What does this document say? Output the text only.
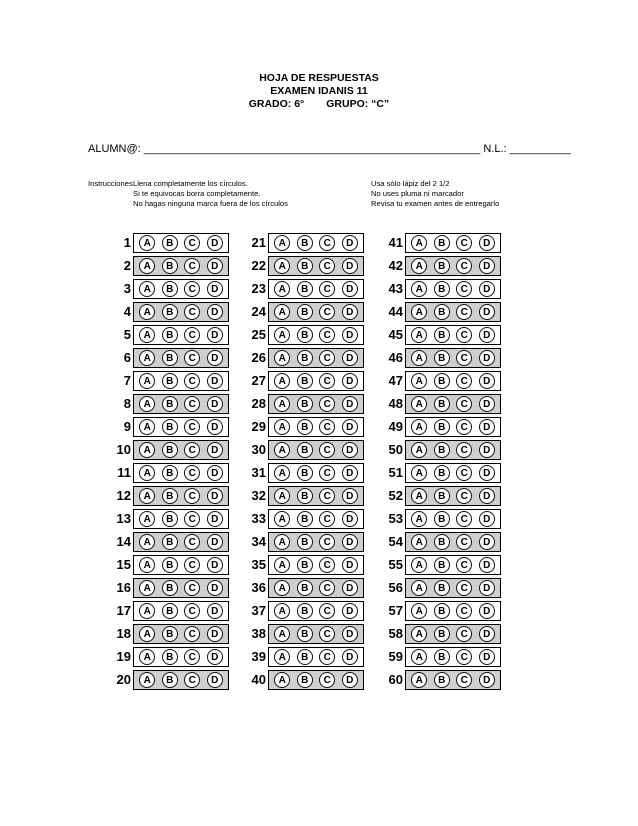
HOJA DE RESPUESTAS
EXAMEN IDANIS 11
GRADO: 6° GRUPO: “C”
ALUMN@: _______________________________________________________ N.L.: __________
Instrucciones Llena completamente los círculos.
Si te equivocas borra completamente.
No hagas ninguna marca fuera de los círculos
Usa sólo lápiz del 2 1/2
No uses pluma ni marcador
Revisa tu examen antes de entregarlo
1	A	B	C	D
2	A	B	C	D
3	A	B	C	D
4	A	B	C	D
5	A	B	C	D
6	A	B	C	D
7	A	B	C	D
8	A	B	C	D
9	A	B	C	D
10	A	B	C	D
11	A	B	C	D
12	A	B	C	D
13	A	B	C	D
14	A	B	C	D
15	A	B	C	D
16	A	B	C	D
17	A	B	C	D
18	A	B	C	D
19	A	B	C	D
20	A	B	C	D
21	A	B	C	D
22	A	B	C	D
23	A	B	C	D
24	A	B	C	D
25	A	B	C	D
26	A	B	C	D
27	A	B	C	D
28	A	B	C	D
29	A	B	C	D
30	A	B	C	D
31	A	B	C	D
32	A	B	C	D
33	A	B	C	D
34	A	B	C	D
35	A	B	C	D
36	A	B	C	D
37	A	B	C	D
38	A	B	C	D
39	A	B	C	D
40	A	B	C	D
41	A	B	C	D
42	A	B	C	D
43	A	B	C	D
44	A	B	C	D
45	A	B	C	D
46	A	B	C	D
47	A	B	C	D
48	A	B	C	D
49	A	B	C	D
50	A	B	C	D
51	A	B	C	D
52	A	B	C	D
53	A	B	C	D
54	A	B	C	D
55	A	B	C	D
56	A	B	C	D
57	A	B	C	D
58	A	B	C	D
59	A	B	C	D
60	A	B	C	D
